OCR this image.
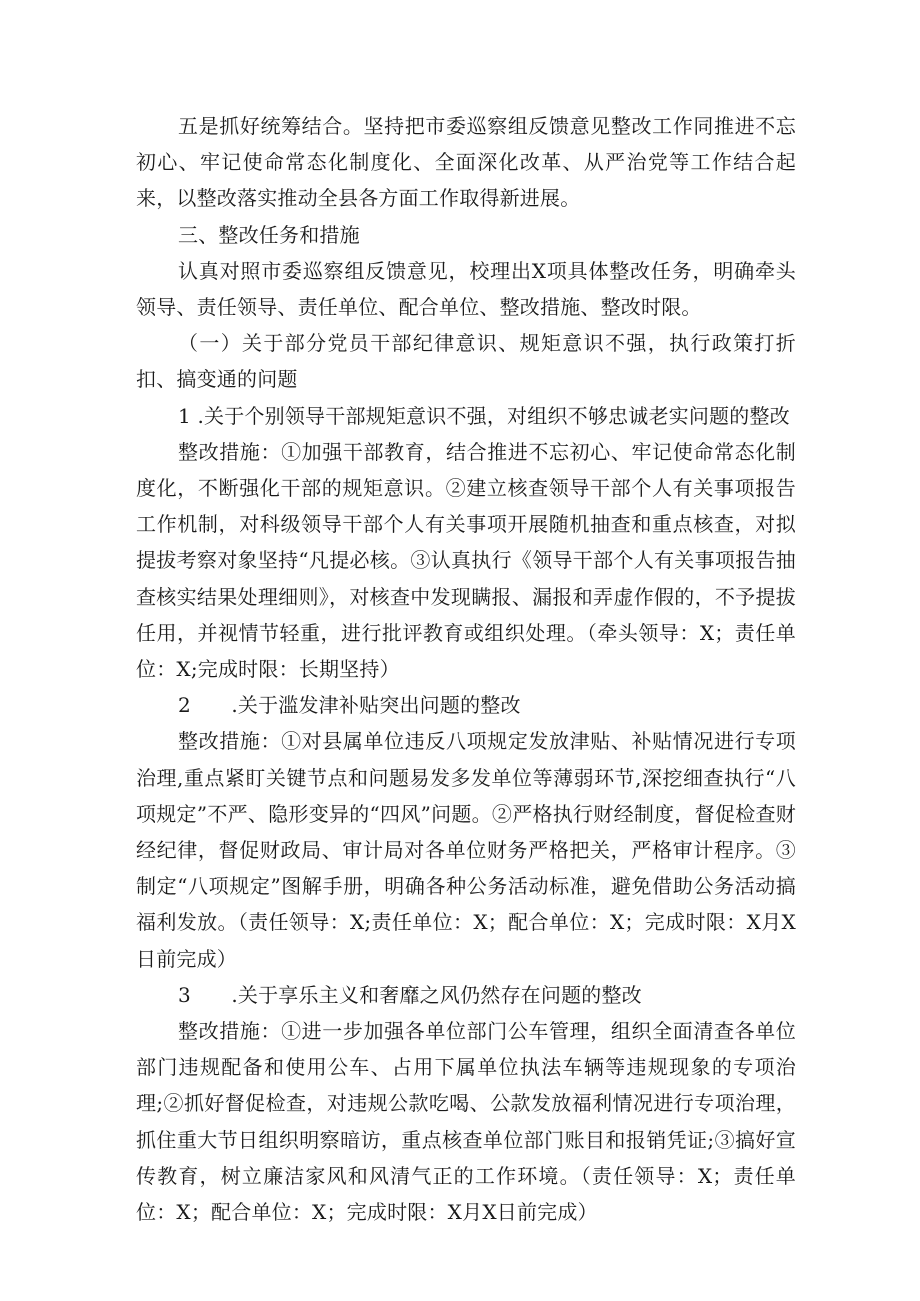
五是抓好统筹结合。坚持把市委巡察组反馈意见整改工作同推进不忘初心、牢记使命常态化制度化、全面深化改革、从严治党等工作结合起来，以整改落实推动全县各方面工作取得新进展。

三、整改任务和措施

认真对照市委巡察组反馈意见，校理出X项具体整改任务，明确牵头领导、责任领导、责任单位、配合单位、整改措施、整改时限。

（一）关于部分党员干部纪律意识、规矩意识不强，执行政策打折扣、搞变通的问题

1 .关于个别领导干部规矩意识不强，对组织不够忠诚老实问题的整改

整改措施：①加强干部教育，结合推进不忘初心、牢记使命常态化制度化，不断强化干部的规矩意识。②建立核查领导干部个人有关事项报告工作机制，对科级领导干部个人有关事项开展随机抽查和重点核查，对拟提拔考察对象坚持“凡提必核。③认真执行《领导干部个人有关事项报告抽查核实结果处理细则》，对核查中发现瞒报、漏报和弄虚作假的，不予提拔任用，并视情节轻重，进行批评教育或组织处理。（牵头领导：X；责任单位：X;完成时限：长期坚持）

2　　.关于滥发津补贴突出问题的整改

整改措施：①对县属单位违反八项规定发放津贴、补贴情况进行专项治理,重点紧盯关键节点和问题易发多发单位等薄弱环节,深挖细查执行“八项规定”不严、隐形变异的“四风”问题。②严格执行财经制度，督促检查财经纪律，督促财政局、审计局对各单位财务严格把关，严格审计程序。③制定“八项规定”图解手册，明确各种公务活动标准，避免借助公务活动搞福利发放。（责任领导：X;责任单位：X；配合单位：X；完成时限：X月X日前完成）

3　　.关于享乐主义和奢靡之风仍然存在问题的整改

整改措施：①进一步加强各单位部门公车管理，组织全面清查各单位部门违规配备和使用公车、占用下属单位执法车辆等违规现象的专项治理;②抓好督促检查，对违规公款吃喝、公款发放福利情况进行专项治理，抓住重大节日组织明察暗访，重点核查单位部门账目和报销凭证;③搞好宣传教育，树立廉洁家风和风清气正的工作环境。（责任领导：X；责任单位：X；配合单位：X；完成时限：X月X日前完成）
